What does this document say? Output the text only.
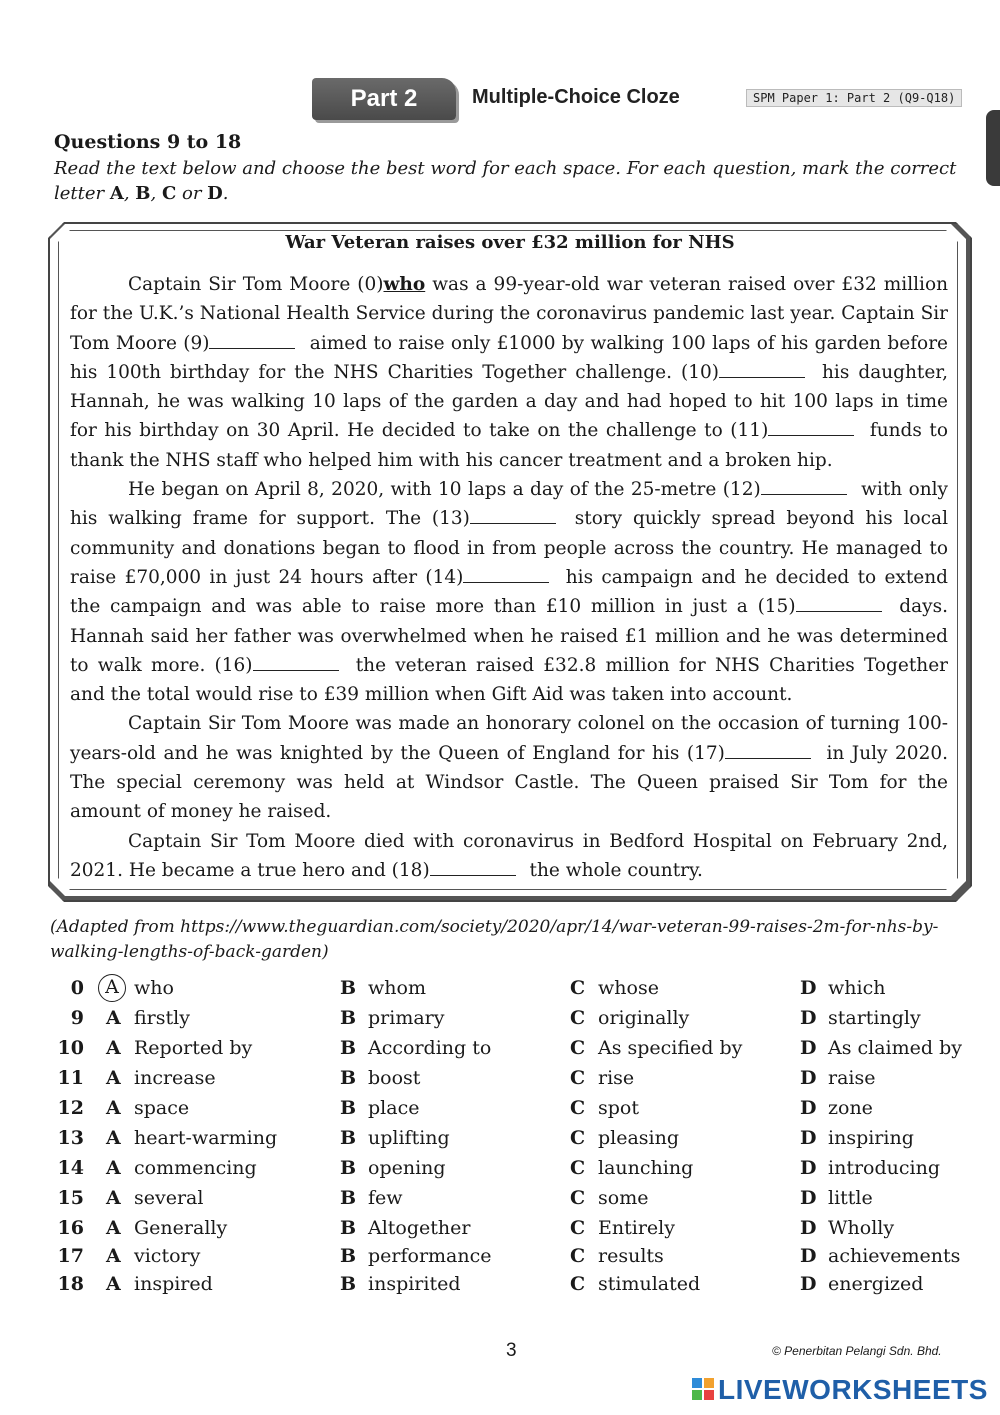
Part 2	Multiple-Choice Cloze	SPM Paper 1: Part 2 (Q9-Q18)
Questions 9 to 18
Read the text below and choose the best word for each space. For each question, mark the correct letter A, B, C or D.
War Veteran raises over £32 million for NHS

Captain Sir Tom Moore (0)who was a 99-year-old war veteran raised over £32 million for the U.K.’s National Health Service during the coronavirus pandemic last year. Captain Sir Tom Moore (9)	aimed to raise only £1000 by walking 100 laps of his garden before his 100th birthday for the NHS Charities Together challenge. (10)	his daughter, Hannah, he was walking 10 laps of the garden a day and had hoped to hit 100 laps in time for his birthday on 30 April. He decided to take on the challenge to (11)	funds to thank the NHS staff who helped him with his cancer treatment and a broken hip.

He began on April 8, 2020, with 10 laps a day of the 25-metre (12)	with only his walking frame for support. The (13)	story quickly spread beyond his local community and donations began to flood in from people across the country. He managed to raise £70,000 in just 24 hours after (14)	his campaign and he decided to extend the campaign and was able to raise more than £10 million in just a (15)	days. Hannah said her father was overwhelmed when he raised £1 million and he was determined to walk more. (16)	the veteran raised £32.8 million for NHS Charities Together and the total would rise to £39 million when Gift Aid was taken into account.

Captain Sir Tom Moore was made an honorary colonel on the occasion of turning 100-years-old and he was knighted by the Queen of England for his (17)	in July 2020. The special ceremony was held at Windsor Castle. The Queen praised Sir Tom for the amount of money he raised.

Captain Sir Tom Moore died with coronavirus in Bedford Hospital on February 2nd, 2021. He became a true hero and (18)	the whole country.

(Adapted from https://www.theguardian.com/society/2020/apr/14/war-veteran-99-raises-2m-for-nhs-by-walking-lengths-of-back-garden)
0	A who	B whom	C whose	D which
9 A firstly	B primary	C originally	D startingly
10 A Reported by	B According to	C As specified by	D As claimed by
11 A increase	B boost	C rise	D raise
12 A space	B place	C spot	D zone
13 A heart-warming	B uplifting	C pleasing	D inspiring
14 A commencing	B opening	C launching	D introducing
15 A several	B few	C some	D little
16 A Generally	B Altogether	C Entirely	D Wholly
17 A victory	B performance	C results	D achievements
18 A inspired	B inspirited	C stimulated	D energized
3	© Penerbitan Pelangi Sdn. Bhd.
LIVEWORKSHEETS
